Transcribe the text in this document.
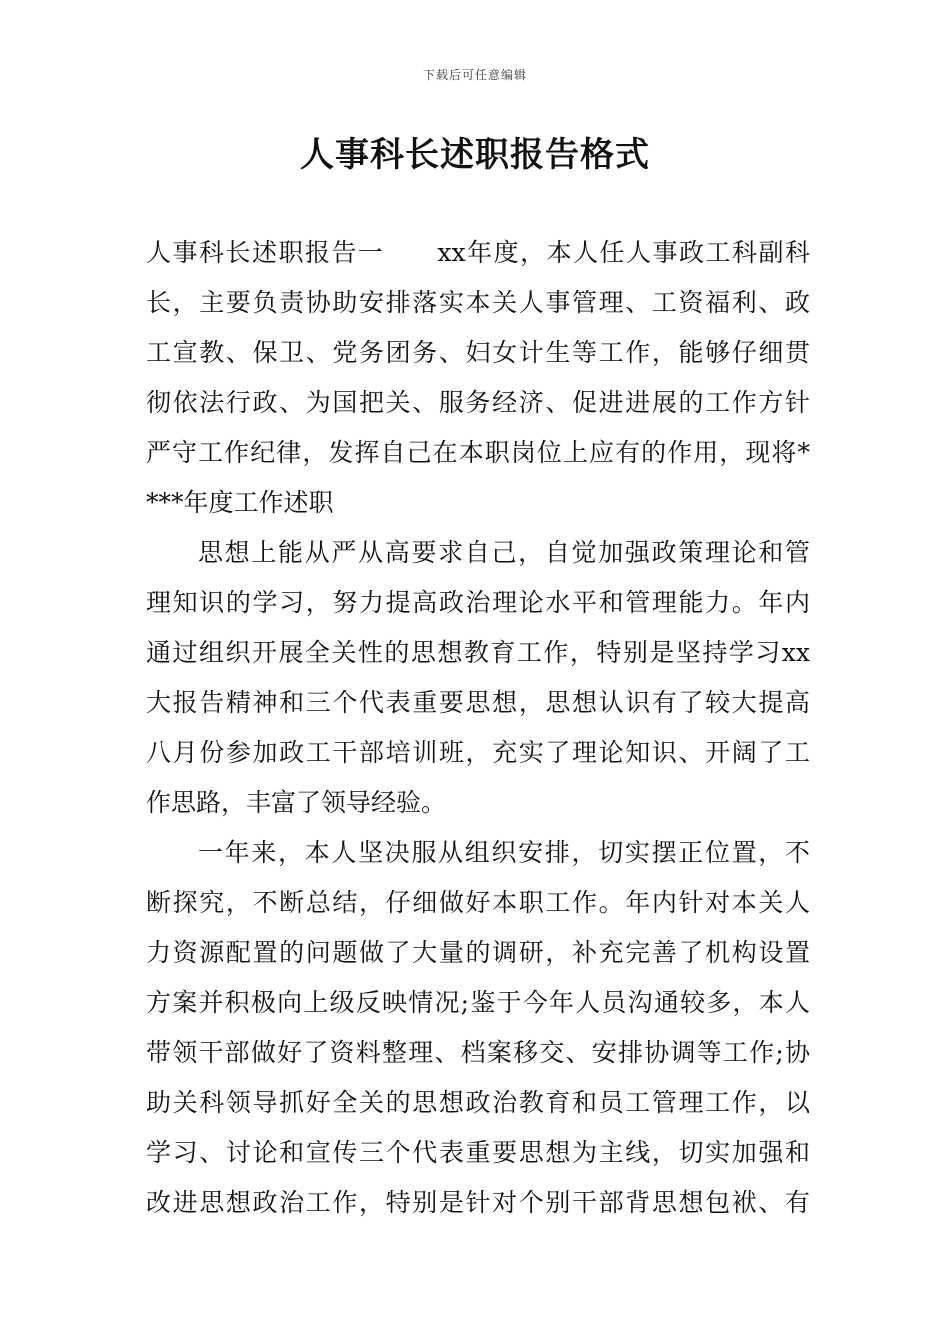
下载后可任意编辑
人事科长述职报告格式
人事科长述职报告一　　xx年度，本人任人事政工科副科
长，主要负责协助安排落实本关人事管理、工资福利、政
工宣教、保卫、党务团务、妇女计生等工作，能够仔细贯
彻依法行政、为国把关、服务经济、促进进展的工作方针
严守工作纪律，发挥自己在本职岗位上应有的作用，现将*
***年度工作述职
思想上能从严从高要求自己，自觉加强政策理论和管
理知识的学习，努力提高政治理论水平和管理能力。年内
通过组织开展全关性的思想教育工作，特别是坚持学习xx
大报告精神和三个代表重要思想，思想认识有了较大提高
八月份参加政工干部培训班，充实了理论知识、开阔了工
作思路，丰富了领导经验。
一年来，本人坚决服从组织安排，切实摆正位置，不
断探究，不断总结，仔细做好本职工作。年内针对本关人
力资源配置的问题做了大量的调研，补充完善了机构设置
方案并积极向上级反映情况;鉴于今年人员沟通较多，本人
带领干部做好了资料整理、档案移交、安排协调等工作;协
助关科领导抓好全关的思想政治教育和员工管理工作，以
学习、讨论和宣传三个代表重要思想为主线，切实加强和
改进思想政治工作，特别是针对个别干部背思想包袱、有
